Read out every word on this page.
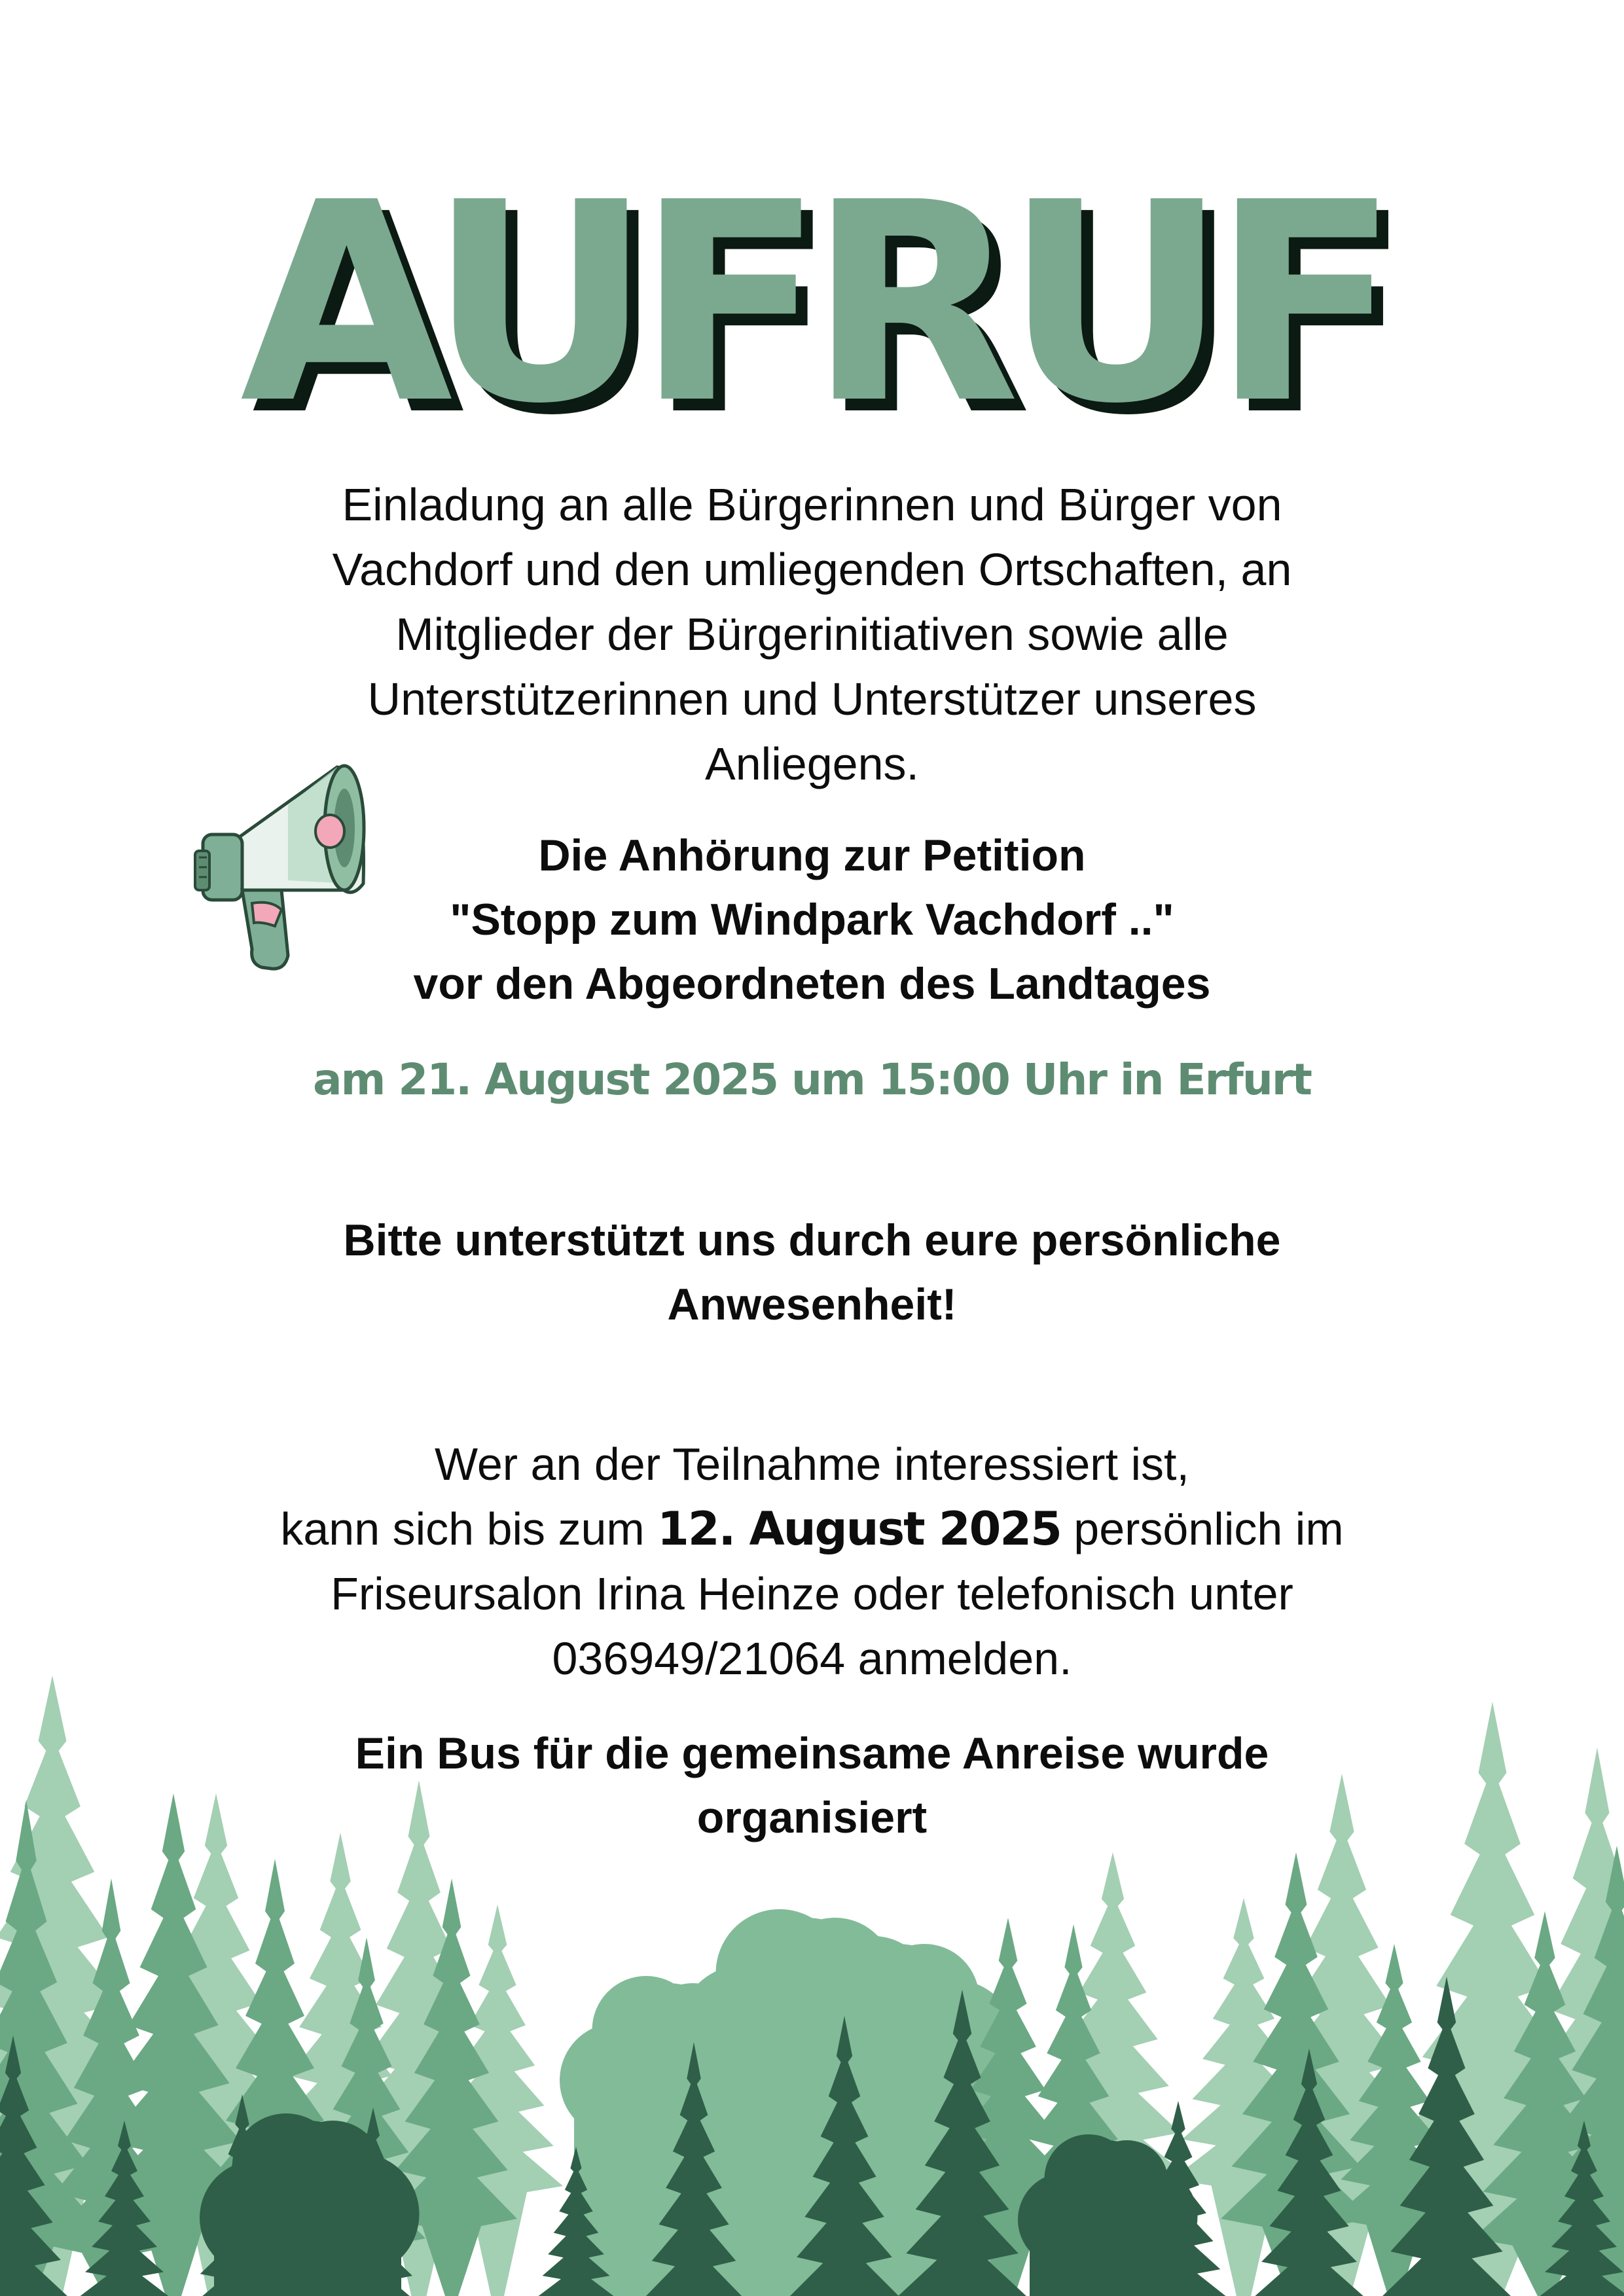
AUFRUF
Einladung an alle Bürgerinnen und Bürger von
Vachdorf und den umliegenden Ortschaften, an
Mitglieder der Bürgerinitiativen sowie alle
Unterstützerinnen und Unterstützer unseres
Anliegens.
Die Anhörung zur Petition
"Stopp zum Windpark Vachdorf .."
vor den Abgeordneten des Landtages
am 21. August 2025 um 15:00 Uhr in Erfurt
Bitte unterstützt uns durch eure persönliche
Anwesenheit!
Wer an der Teilnahme interessiert ist,
kann sich bis zum 12. August 2025 persönlich im
Friseursalon Irina Heinze oder telefonisch unter
036949/21064 anmelden.
Ein Bus für die gemeinsame Anreise wurde
organisiert
